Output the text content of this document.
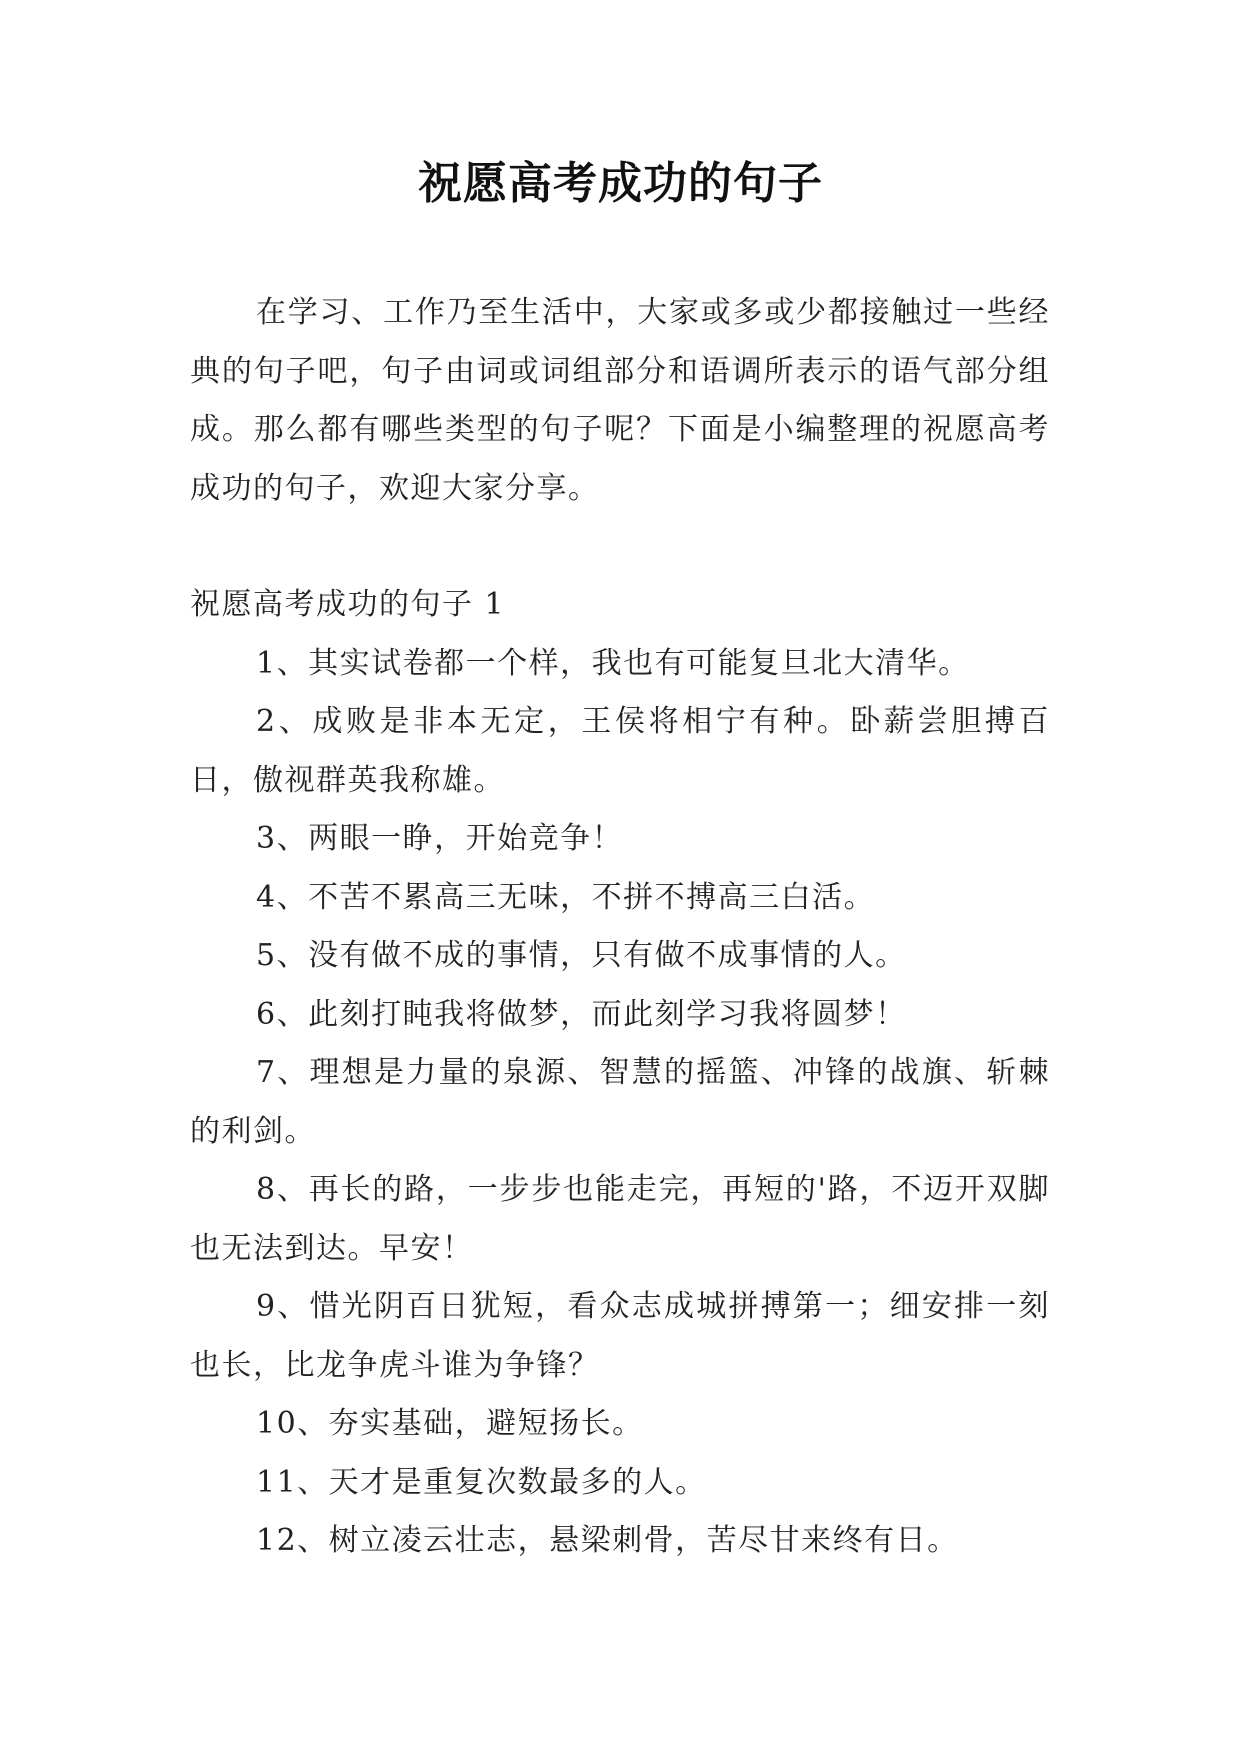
祝愿高考成功的句子

在学习、工作乃至生活中，大家或多或少都接触过一些经典的句子吧，句子由词或词组部分和语调所表示的语气部分组成。那么都有哪些类型的句子呢？下面是小编整理的祝愿高考成功的句子，欢迎大家分享。

祝愿高考成功的句子 1

1、其实试卷都一个样，我也有可能复旦北大清华。

2、成败是非本无定，王侯将相宁有种。卧薪尝胆搏百日，傲视群英我称雄。

3、两眼一睁，开始竞争！

4、不苦不累高三无味，不拼不搏高三白活。

5、没有做不成的事情，只有做不成事情的人。

6、此刻打盹我将做梦，而此刻学习我将圆梦！

7、理想是力量的泉源、智慧的摇篮、冲锋的战旗、斩棘的利剑。

8、再长的路，一步步也能走完，再短的'路，不迈开双脚也无法到达。早安！

9、惜光阴百日犹短，看众志成城拼搏第一；细安排一刻也长，比龙争虎斗谁为争锋？

10、夯实基础，避短扬长。

11、天才是重复次数最多的人。

12、树立凌云壮志，悬梁刺骨，苦尽甘来终有日。
